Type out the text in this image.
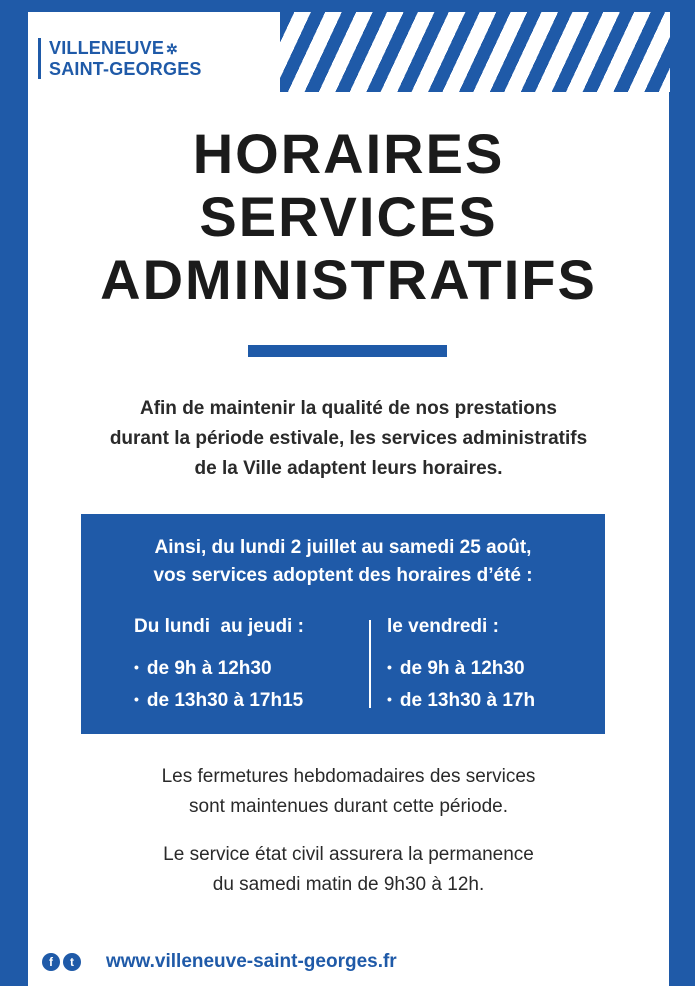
VILLENEUVE ✲
SAINT-GEORGES
HORAIRES
SERVICES
ADMINISTRATIFS
Afin de maintenir la qualité de nos prestations
durant la période estivale, les services administratifs
de la Ville adaptent leurs horaires.
Ainsi, du lundi 2 juillet au samedi 25 août,
vos services adoptent des horaires d’été :
Du lundi  au jeudi :
• de 9h à 12h30
• de 13h30 à 17h15
le vendredi :
• de 9h à 12h30
• de 13h30 à 17h
Les fermetures hebdomadaires des services
sont maintenues durant cette période.
Le service état civil assurera la permanence
du samedi matin de 9h30 à 12h.
f	t	www.villeneuve-saint-georges.fr
